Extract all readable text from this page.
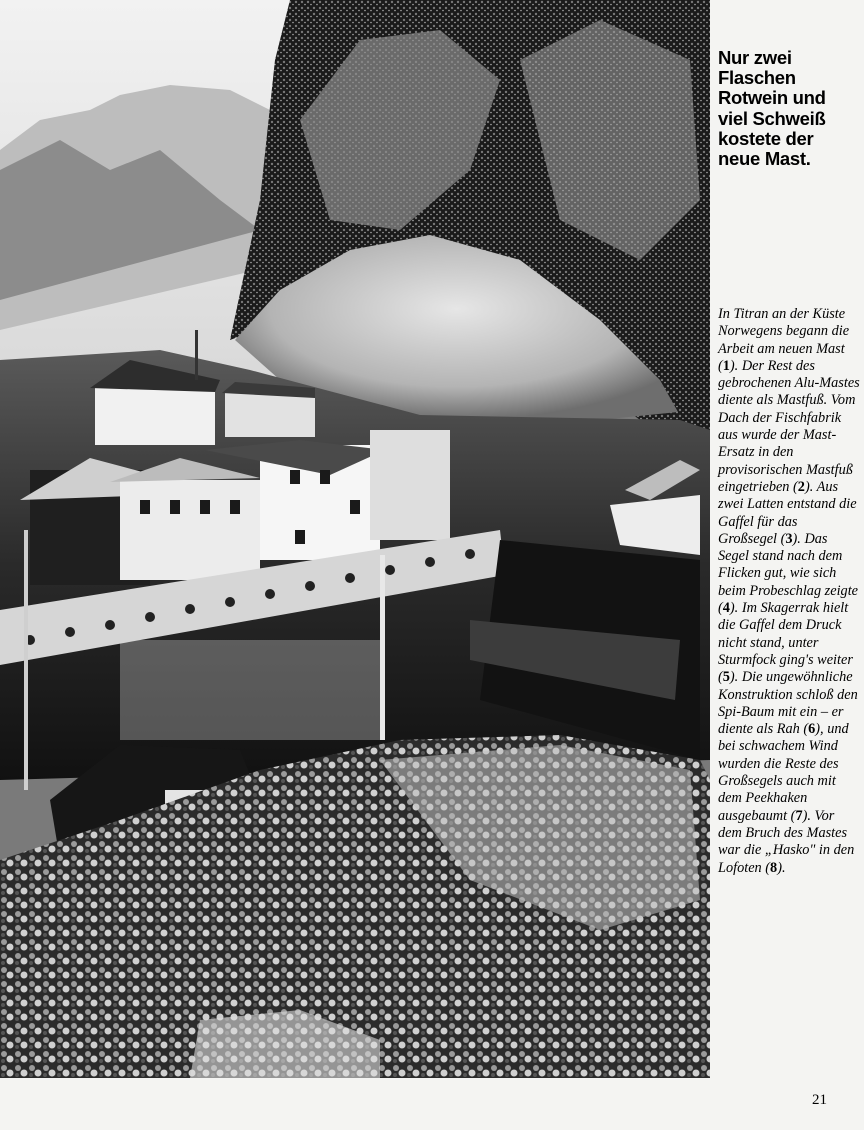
Nur zwei Flaschen Rotwein und viel Schweiß kostete der neue Mast.

In Titran an der Küste Norwegens begann die Arbeit am neuen Mast (1). Der Rest des gebrochenen Alu-Mastes diente als Mastfuß. Vom Dach der Fischfabrik aus wurde der Mast-Ersatz in den provisorischen Mastfuß eingetrieben (2). Aus zwei Latten entstand die Gaffel für das Großsegel (3). Das Segel stand nach dem Flicken gut, wie sich beim Probeschlag zeigte (4). Im Skagerrak hielt die Gaffel dem Druck nicht stand, unter Sturmfock ging's weiter (5). Die ungewöhnliche Konstruktion schloß den Spi-Baum mit ein – er diente als Rah (6), und bei schwachem Wind wurden die Reste des Großsegels auch mit dem Peekhaken ausgebaumt (7). Vor dem Bruch des Mastes war die „Hasko" in den Lofoten (8).

21
